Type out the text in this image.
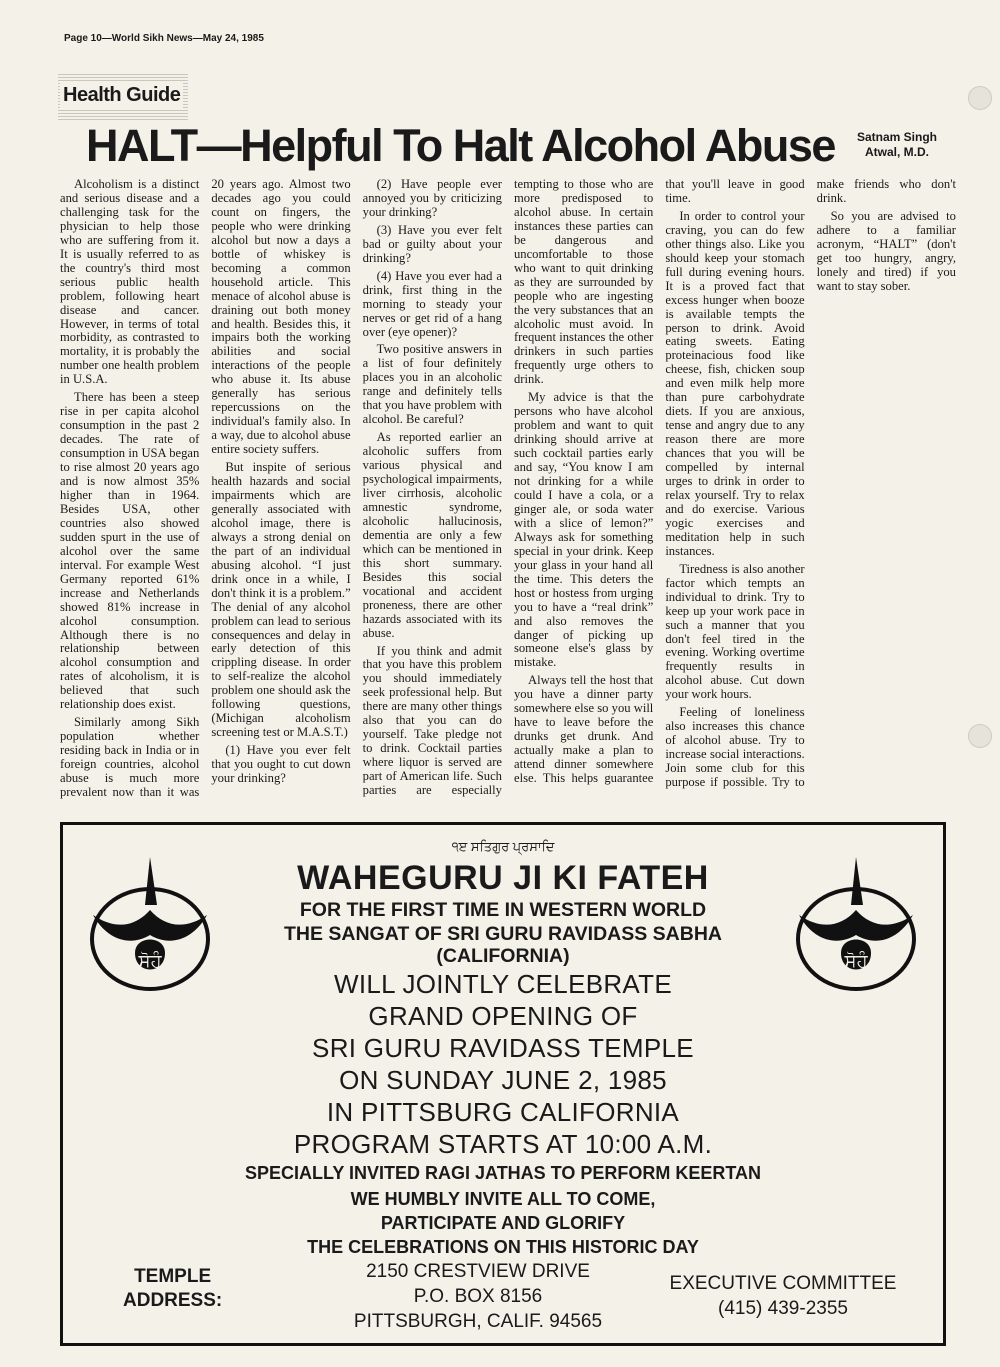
Page 10—World Sikh News—May 24, 1985
Health Guide
HALT—Helpful To Halt Alcohol Abuse Satnam Singh
Atwal, M.D.

Alcoholism is a distinct and serious disease and a challenging task for the physician to help those who are suffering from it. It is usually referred to as the country's third most serious public health problem, following heart disease and cancer. However, in terms of total morbidity, as contrasted to mortality, it is probably the number one health problem in U.S.A.

There has been a steep rise in per capita alcohol consumption in the past 2 decades. The rate of consumption in USA began to rise almost 20 years ago and is now almost 35% higher than in 1964. Besides USA, other countries also showed sudden spurt in the use of alcohol over the same interval. For example West Germany reported 61% increase and Netherlands showed 81% increase in alcohol consumption. Although there is no relationship between alcohol consumption and rates of alcoholism, it is believed that such relationship does exist.

Similarly among Sikh population whether residing back in India or in foreign countries, alcohol abuse is much more prevalent now than it was 20 years ago. Almost two decades ago you could count on fingers, the people who were drinking alcohol but now a days a bottle of whiskey is becoming a common household article. This menace of alcohol abuse is draining out both money and health. Besides this, it impairs both the working abilities and social interactions of the people who abuse it. Its abuse generally has serious repercussions on the individual's family also. In a way, due to alcohol abuse entire society suffers.

But inspite of serious health hazards and social impairments which are generally associated with alcohol image, there is always a strong denial on the part of an individual abusing alcohol. “I just drink once in a while, I don't think it is a problem.” The denial of any alcohol problem can lead to serious consequences and delay in early detection of this crippling disease. In order to self-realize the alcohol problem one should ask the following questions, (Michigan alcoholism screening test or M.A.S.T.)

(1) Have you ever felt that you ought to cut down your drinking?

(2) Have people ever annoyed you by criticizing your drinking?

(3) Have you ever felt bad or guilty about your drinking?

(4) Have you ever had a drink, first thing in the morning to steady your nerves or get rid of a hang over (eye opener)?

Two positive answers in a list of four definitely places you in an alcoholic range and definitely tells that you have problem with alcohol. Be careful?

As reported earlier an alcoholic suffers from various physical and psychological impairments, liver cirrhosis, alcoholic amnestic syndrome, alcoholic hallucinosis, dementia are only a few which can be mentioned in this short summary. Besides this social vocational and accident proneness, there are other hazards associated with its abuse.

If you think and admit that you have this problem you should immediately seek professional help. But there are many other things also that you can do yourself. Take pledge not to drink. Cocktail parties where liquor is served are part of American life. Such parties are especially tempting to those who are more predisposed to alcohol abuse. In certain instances these parties can be dangerous and uncomfortable to those who want to quit drinking as they are surrounded by people who are ingesting the very substances that an alcoholic must avoid. In frequent instances the other drinkers in such parties frequently urge others to drink.

My advice is that the persons who have alcohol problem and want to quit drinking should arrive at such cocktail parties early and say, “You know I am not drinking for a while could I have a cola, or a ginger ale, or soda water with a slice of lemon?” Always ask for something special in your drink. Keep your glass in your hand all the time. This deters the host or hostess from urging you to have a “real drink” and also removes the danger of picking up someone else's glass by mistake.

Always tell the host that you have a dinner party somewhere else so you will have to leave before the drunks get drunk. And actually make a plan to attend dinner somewhere else. This helps guarantee that you'll leave in good time.

In order to control your craving, you can do few other things also. Like you should keep your stomach full during evening hours. It is a proved fact that excess hunger when booze is available tempts the person to drink. Avoid eating sweets. Eating proteinacious food like cheese, fish, chicken soup and even milk help more than pure carbohydrate diets. If you are anxious, tense and angry due to any reason there are more chances that you will be compelled by internal urges to drink in order to relax yourself. Try to relax and do exercise. Various yogic exercises and meditation help in such instances.

Tiredness is also another factor which tempts an individual to drink. Try to keep up your work pace in such a manner that you don't feel tired in the evening. Working overtime frequently results in alcohol abuse. Cut down your work hours.

Feeling of loneliness also increases this chance of alcohol abuse. Try to increase social interactions. Join some club for this purpose if possible. Try to make friends who don't drink.

So you are advised to adhere to a familiar acronym, “HALT” (don't get too hungry, angry, lonely and tired) if you want to stay sober.

ਸੋਹੰ	ਸੋਹੰ
੧ੲ ਸਤਿਗੁਰ ਪ੍ਰਸਾਦਿ
WAHEGURU JI KI FATEH
FOR THE FIRST TIME IN WESTERN WORLD
THE SANGAT OF SRI GURU RAVIDASS SABHA
(CALIFORNIA)
WILL JOINTLY CELEBRATE
GRAND OPENING OF
SRI GURU RAVIDASS TEMPLE
ON SUNDAY JUNE 2, 1985
IN PITTSBURG CALIFORNIA
PROGRAM STARTS AT 10:00 A.M.
SPECIALLY INVITED RAGI JATHAS TO PERFORM KEERTAN
WE HUMBLY INVITE ALL TO COME,
PARTICIPATE AND GLORIFY
THE CELEBRATIONS ON THIS HISTORIC DAY
TEMPLE
ADDRESS:
2150 CRESTVIEW DRIVE
P.O. BOX 8156
PITTSBURGH, CALIF. 94565
EXECUTIVE COMMITTEE
(415) 439-2355
